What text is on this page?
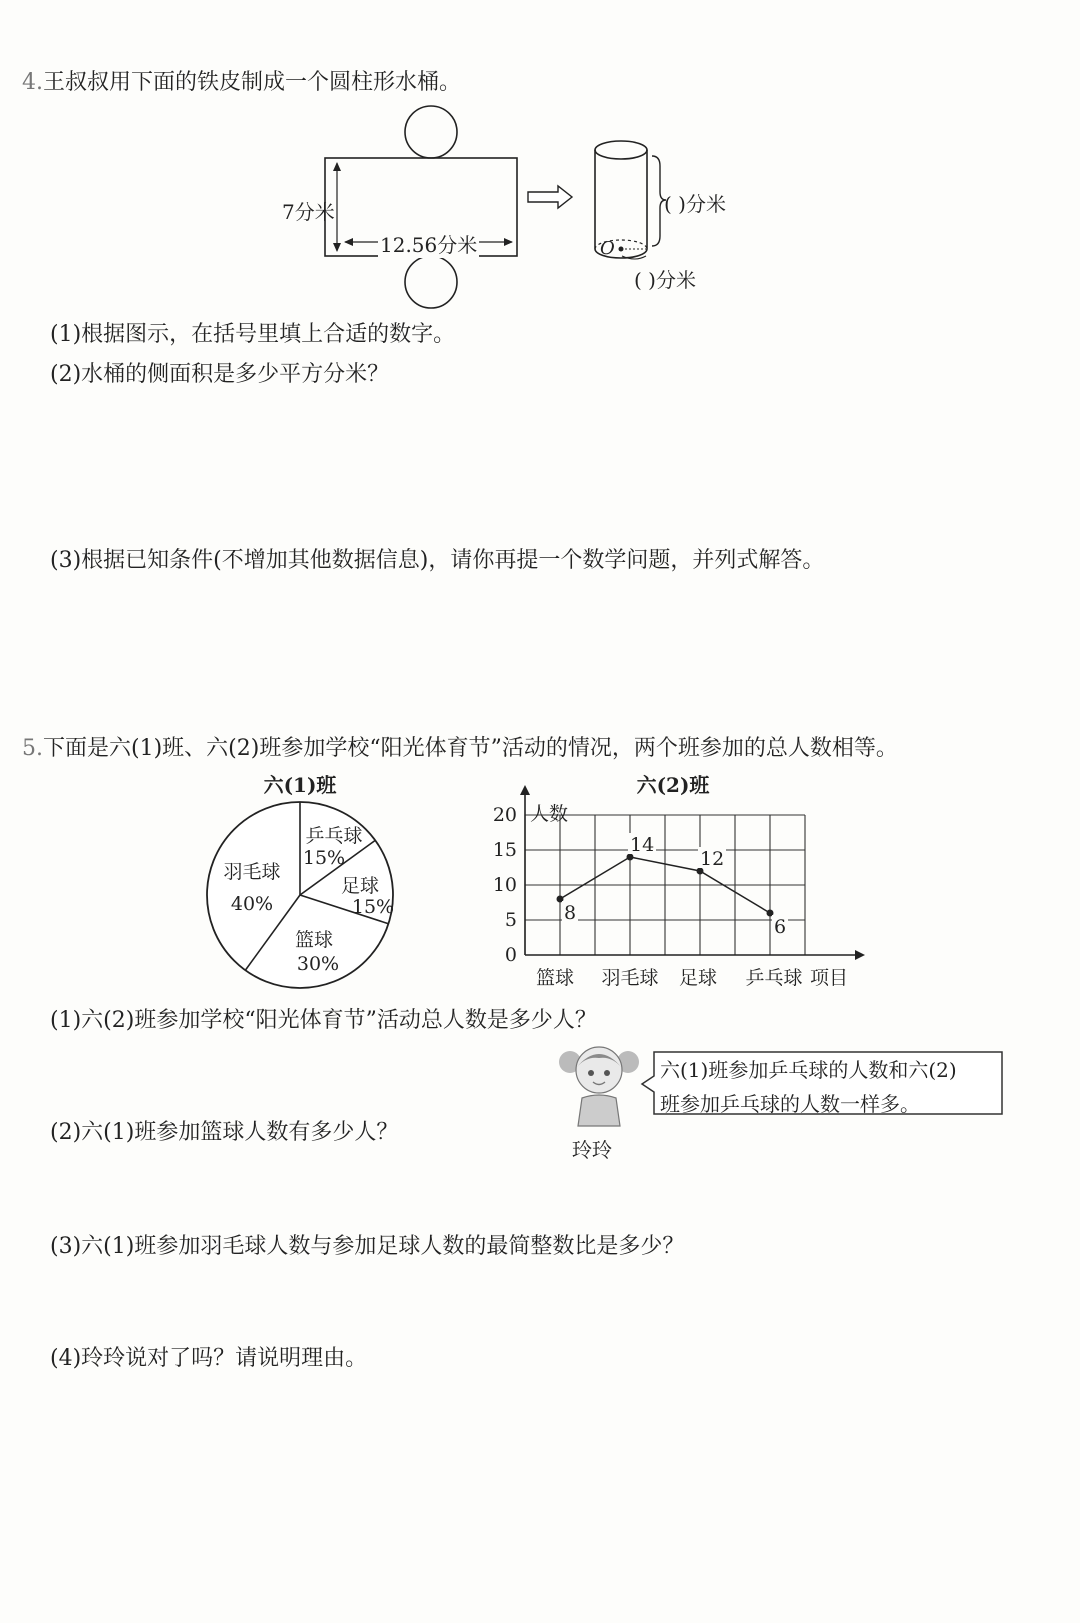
4.王叔叔用下面的铁皮制成一个圆柱形水桶。
7分米
12.56分米	O
( )分米
( )分米
(1)根据图示，在括号里填上合适的数字。
(2)水桶的侧面积是多少平方分米？
(3)根据已知条件(不增加其他数据信息)，请你再提一个数学问题，并列式解答。
5.下面是六(1)班、六(2)班参加学校“阳光体育节”活动的情况，两个班参加的总人数相等。
六(1)班
羽毛球
40%
乒乓球
15%
足球
15%
篮球
30%
六(2)班
0
5
10
15
20
篮球 羽毛球 足球 乒乓球
8
14
12
6
人数
项目
(1)六(2)班参加学校“阳光体育节”活动总人数是多少人？
玲玲
六(1)班参加乒乓球的人数和六(2)
班参加乒乓球的人数一样多。
(2)六(1)班参加篮球人数有多少人？
(3)六(1)班参加羽毛球人数与参加足球人数的最简整数比是多少？
(4)玲玲说对了吗？请说明理由。
